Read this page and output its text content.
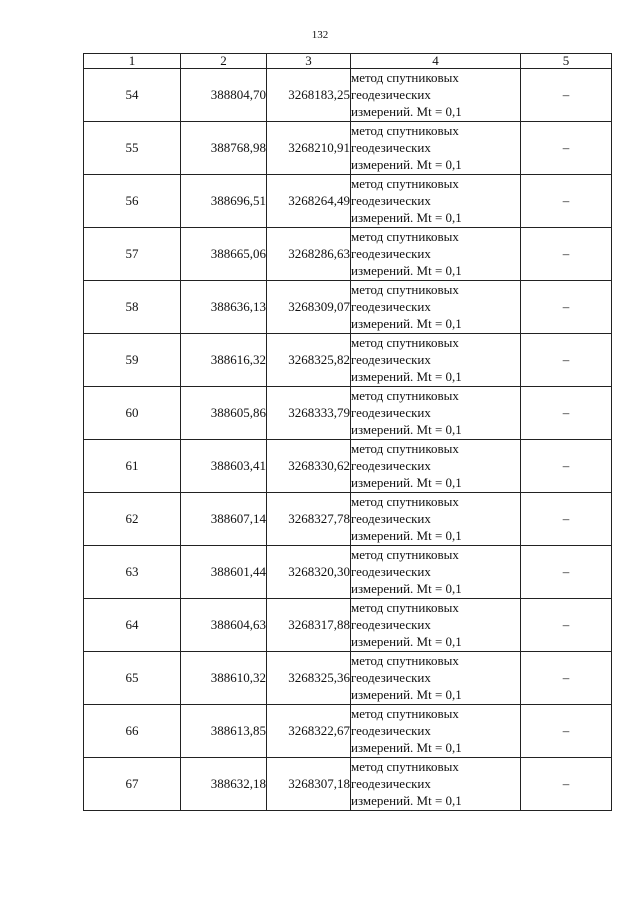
132
1	2	3	4	5
54	388804,70	3268183,25	метод спутниковых
геодезических
измерений. Mt = 0,1	–
55	388768,98	3268210,91	метод спутниковых
геодезических
измерений. Mt = 0,1	–
56	388696,51	3268264,49	метод спутниковых
геодезических
измерений. Mt = 0,1	–
57	388665,06	3268286,63	метод спутниковых
геодезических
измерений. Mt = 0,1	–
58	388636,13	3268309,07	метод спутниковых
геодезических
измерений. Mt = 0,1	–
59	388616,32	3268325,82	метод спутниковых
геодезических
измерений. Mt = 0,1	–
60	388605,86	3268333,79	метод спутниковых
геодезических
измерений. Mt = 0,1	–
61	388603,41	3268330,62	метод спутниковых
геодезических
измерений. Mt = 0,1	–
62	388607,14	3268327,78	метод спутниковых
геодезических
измерений. Mt = 0,1	–
63	388601,44	3268320,30	метод спутниковых
геодезических
измерений. Mt = 0,1	–
64	388604,63	3268317,88	метод спутниковых
геодезических
измерений. Mt = 0,1	–
65	388610,32	3268325,36	метод спутниковых
геодезических
измерений. Mt = 0,1	–
66	388613,85	3268322,67	метод спутниковых
геодезических
измерений. Mt = 0,1	–
67	388632,18	3268307,18	метод спутниковых
геодезических
измерений. Mt = 0,1	–
